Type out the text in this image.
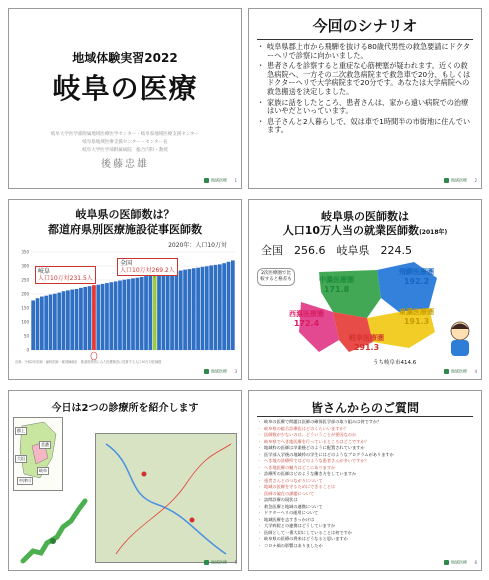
地域体験実習2022
岐阜の医療
岐阜大学医学部附属地域医療医学センター・岐阜県地域医療支援センター
岐阜県地域医療支援センター・センター長
岐阜大学医学部附属病院　総合内科・教授
後藤忠雄
地域医療 1
今回のシナリオ
・ 岐阜県郡上市から飛騨を抜ける80歳代男性の救急要請にドクターヘリで診察に向かいました。
・ 患者さんを診察すると重症な心筋梗塞が疑われます。近くの救急病院へ、一方その二次救急病院まで救急車で20分、もしくはドクターヘリで大学病院まで20分です。あなたは大学病院への救急搬送を決定しました。
・ 家族に話をしたところ、患者さんは、家から遠い病院での治療はいやだといっています。
・ 息子さんと2人暮らしで、奴は車で1時間半の市街地に住んでいます。
地域医療 2
岐阜県の医師数は？
都道府県別医療施設従事医師数
2020年：人口10万対
0
50
100
150
200
250
300
350
岐阜
人口10万対231.5人
全国
人口10万対269.2人
出典：令和2年医師・歯科医師・薬剤師統計　都道府県別にみた医療施設に従事する人口10万対医師数
地域医療 3
岐阜県の医師数は
人口10万人当の就業医師数(2018年)
全国　256.6　岐阜県　224.5
2次医療圏で比較すると格差も	中濃医療圏
171.8
飛騨医療圏
192.2
西濃医療圏
172.4
東濃医療圏
191.3
岐阜医療圏
291.3
うち岐阜市414.6
地域医療 4
今日は2つの診療所を紹介します
郡上
美濃
大垣
岐阜
中津川
地域医療 5
皆さんからのご質問
・ 岐阜の医療で問題は医師の確保医学部の取り組みは何ですか？
・ 岐阜県の総合診療医はどのくらいいますか？
・ 医師数が少ないのは、どういうことが要因なのか
・ 岐阜県でへき地医療を行っているところはどこですか？
・ 地域枠の医師は卒業後どのように配置されていますか
・ 医学部入学後の地域枠の学生にはどのようなプログラムがありますか
・ へき地の診療所ではどのような患者さんが多いですか？
・ へき地医療の魅力はどこにありますか
・ 診療所の医師はどのような働き方をしていますか
・ 患者さんとのつながりについて
・ 地域の医療を守るためにできることは
・ 医師の偏在の課題について
・ 訪問診療の現状は
・ 救急医療と地域の連携について
・ ドクターヘリの運用について
・ 地域医療を志すきっかけは
・ 大学病院との連携はどうしていますか
・ 医師として一番大切にしていることは何ですか
・ 岐阜県の医療の将来はどうなると思いますか
・ コロナ禍の影響はありましたか
地域医療 6
